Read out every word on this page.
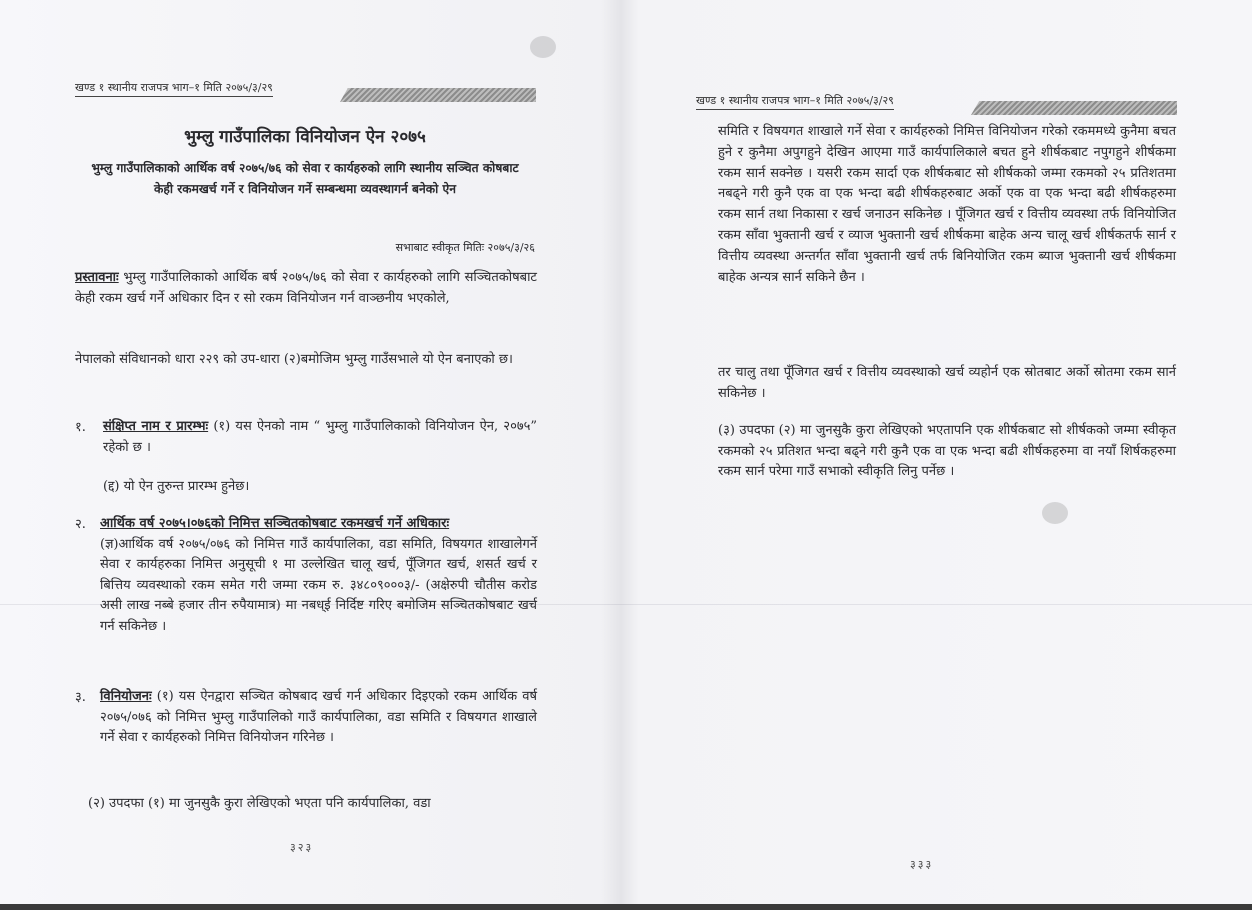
खण्ड १ स्थानीय राजपत्र भाग–१ मिति २०७५/३/२९
भुम्लु गाउँपालिका विनियोजन ऐन २०७५
भुम्लु गाउँपालिकाको आर्थिक वर्ष २०७५/७६ को सेवा र कार्यहरुको लागि स्थानीय सञ्चित कोषबाट केही रकमखर्च गर्ने र विनियोजन गर्ने सम्बन्धमा व्यवस्थागर्न बनेको ऐन
सभाबाट स्वीकृत मितिः २०७५/३/२६
प्रस्तावनाः भुम्लु गाउँपालिकाको आर्थिक बर्ष २०७५/७६ को सेवा र कार्यहरुको लागि सञ्चितकोषबाट केही रकम खर्च गर्ने अधिकार दिन र सो रकम विनियोजन गर्न वाञ्छनीय भएकोले,
नेपालको संविधानको धारा २२९ को उप-धारा (२)बमोजिम भुम्लु गाउँसभाले यो ऐन बनाएको छ।
१. संक्षिप्त नाम र प्रारम्भः (१) यस ऐनको नाम “ भुम्लु गाउँपालिकाको विनियोजन ऐन, २०७५” रहेको छ ।
(द्द) यो ऐन तुरुन्त प्रारम्भ हुनेछ।
२. आर्थिक वर्ष २०७५।०७६को निमित्त सञ्चितकोषबाट रकमखर्च गर्ने अधिकारः
(ज्ञ)आर्थिक वर्ष २०७५/०७६ को निमित्त गाउँ कार्यपालिका, वडा समिति, विषयगत शाखालेगर्ने सेवा र कार्यहरुका निमित्त अनुसूची १ मा उल्लेखित चालू खर्च, पूँजिगत खर्च, शसर्त खर्च र बित्तिय व्यवस्थाको रकम समेत गरी जम्मा रकम रु. ३४८०९०००३/- (अक्षेरुपी चौतीस करोड असी लाख नब्बे हजार तीन रुपैयामात्र) मा नबध्ई निर्दिष्ट गरिए बमोजिम सञ्चितकोषबाट खर्च गर्न सकिनेछ ।
३. विनियोजनः (१) यस ऐनद्वारा सञ्चित कोषबाद खर्च गर्न अधिकार दिइएको रकम आर्थिक वर्ष २०७५/०७६ को निमित्त भुम्लु गाउँपालिको गाउँ कार्यपालिका, वडा समिति र विषयगत शाखाले गर्ने सेवा र कार्यहरुको निमित्त विनियोजन गरिनेछ ।
(२) उपदफा (१) मा जुनसुकै कुरा लेखिएको भएता पनि कार्यपालिका, वडा
३२३
खण्ड १ स्थानीय राजपत्र भाग–१ मिति २०७५/३/२९
समिति र विषयगत शाखाले गर्ने सेवा र कार्यहरुको निमित्त विनियोजन गरेको रकममध्ये कुनैमा बचत हुने र कुनैमा अपुगहुने देखिन आएमा गाउँ कार्यपालिकाले बचत हुने शीर्षकबाट नपुगहुने शीर्षकमा रकम सार्न सक्नेछ । यसरी रकम सार्दा एक शीर्षकबाट सो शीर्षकको जम्मा रकमको २५ प्रतिशतमा नबढ्ने गरी कुनै एक वा एक भन्दा बढी शीर्षकहरुबाट अर्को एक वा एक भन्दा बढी शीर्षकहरुमा रकम सार्न तथा निकासा र खर्च जनाउन सकिनेछ । पूँजिगत खर्च र वित्तीय व्यवस्था तर्फ विनियोजित रकम साँवा भुक्तानी खर्च र व्याज भुक्तानी खर्च शीर्षकमा बाहेक अन्य चालू खर्च शीर्षकतर्फ सार्न र वित्तीय व्यवस्था अन्तर्गत साँवा भुक्तानी खर्च तर्फ बिनियोजित रकम ब्याज भुक्तानी खर्च शीर्षकमा बाहेक अन्यत्र सार्न सकिने छैन ।
तर चालु तथा पूँजिगत खर्च र वित्तीय व्यवस्थाको खर्च व्यहोर्न एक स्रोतबाट अर्को स्रोतमा रकम सार्न सकिनेछ ।
(३) उपदफा (२) मा जुनसुकै कुरा लेखिएको भएतापनि एक शीर्षकबाट सो शीर्षकको जम्मा स्वीकृत रकमको २५ प्रतिशत भन्दा बढ्ने गरी कुनै एक वा एक भन्दा बढी शीर्षकहरुमा वा नयाँ शिर्षकहरुमा रकम सार्न परेमा गाउँ सभाको स्वीकृति लिनु पर्नेछ ।
३३३
